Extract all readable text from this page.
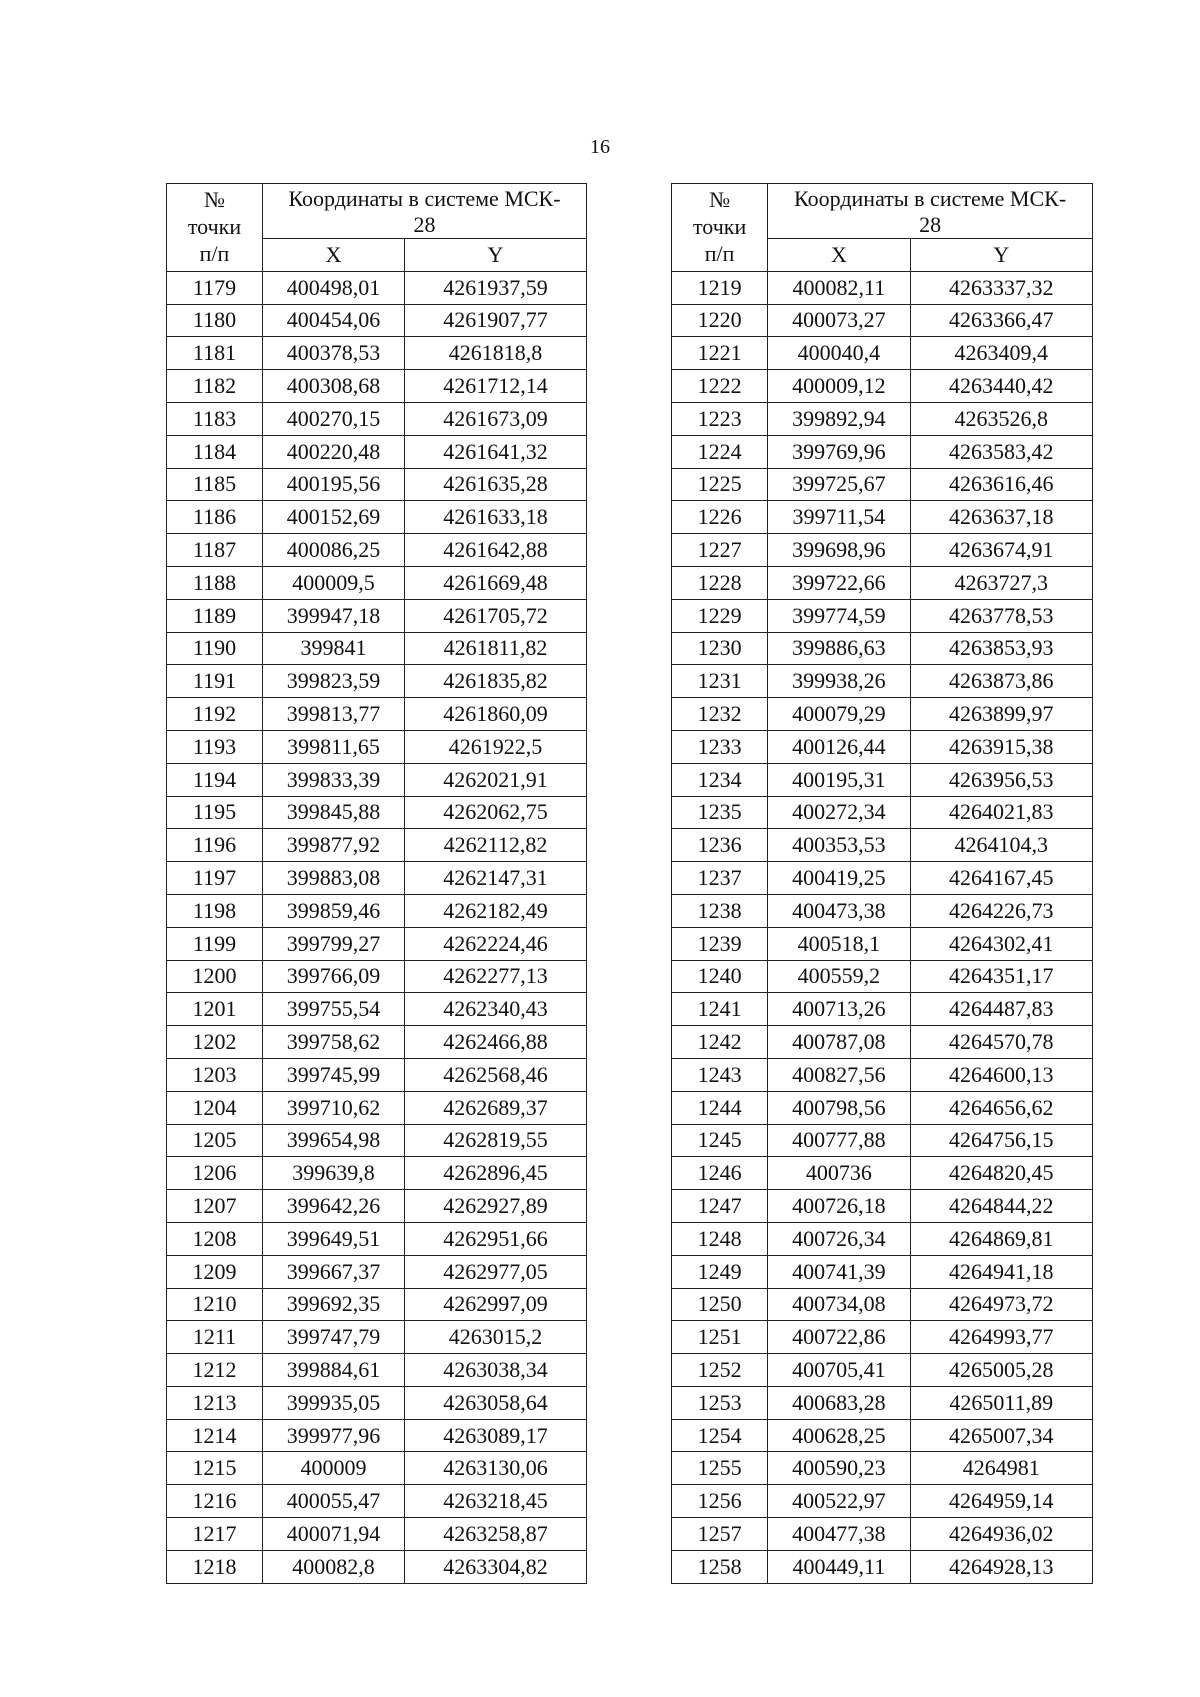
16
№
точки
п/п	Координаты в системе МСК-
28	
	X	Y
1179	400498,01	4261937,59
1180	400454,06	4261907,77
1181	400378,53	4261818,8
1182	400308,68	4261712,14
1183	400270,15	4261673,09
1184	400220,48	4261641,32
1185	400195,56	4261635,28
1186	400152,69	4261633,18
1187	400086,25	4261642,88
1188	400009,5	4261669,48
1189	399947,18	4261705,72
1190	399841	4261811,82
1191	399823,59	4261835,82
1192	399813,77	4261860,09
1193	399811,65	4261922,5
1194	399833,39	4262021,91
1195	399845,88	4262062,75
1196	399877,92	4262112,82
1197	399883,08	4262147,31
1198	399859,46	4262182,49
1199	399799,27	4262224,46
1200	399766,09	4262277,13
1201	399755,54	4262340,43
1202	399758,62	4262466,88
1203	399745,99	4262568,46
1204	399710,62	4262689,37
1205	399654,98	4262819,55
1206	399639,8	4262896,45
1207	399642,26	4262927,89
1208	399649,51	4262951,66
1209	399667,37	4262977,05
1210	399692,35	4262997,09
1211	399747,79	4263015,2
1212	399884,61	4263038,34
1213	399935,05	4263058,64
1214	399977,96	4263089,17
1215	400009	4263130,06
1216	400055,47	4263218,45
1217	400071,94	4263258,87
1218	400082,8	4263304,82
№
точки
п/п	Координаты в системе МСК-
28	
	X	Y
1219	400082,11	4263337,32
1220	400073,27	4263366,47
1221	400040,4	4263409,4
1222	400009,12	4263440,42
1223	399892,94	4263526,8
1224	399769,96	4263583,42
1225	399725,67	4263616,46
1226	399711,54	4263637,18
1227	399698,96	4263674,91
1228	399722,66	4263727,3
1229	399774,59	4263778,53
1230	399886,63	4263853,93
1231	399938,26	4263873,86
1232	400079,29	4263899,97
1233	400126,44	4263915,38
1234	400195,31	4263956,53
1235	400272,34	4264021,83
1236	400353,53	4264104,3
1237	400419,25	4264167,45
1238	400473,38	4264226,73
1239	400518,1	4264302,41
1240	400559,2	4264351,17
1241	400713,26	4264487,83
1242	400787,08	4264570,78
1243	400827,56	4264600,13
1244	400798,56	4264656,62
1245	400777,88	4264756,15
1246	400736	4264820,45
1247	400726,18	4264844,22
1248	400726,34	4264869,81
1249	400741,39	4264941,18
1250	400734,08	4264973,72
1251	400722,86	4264993,77
1252	400705,41	4265005,28
1253	400683,28	4265011,89
1254	400628,25	4265007,34
1255	400590,23	4264981
1256	400522,97	4264959,14
1257	400477,38	4264936,02
1258	400449,11	4264928,13
